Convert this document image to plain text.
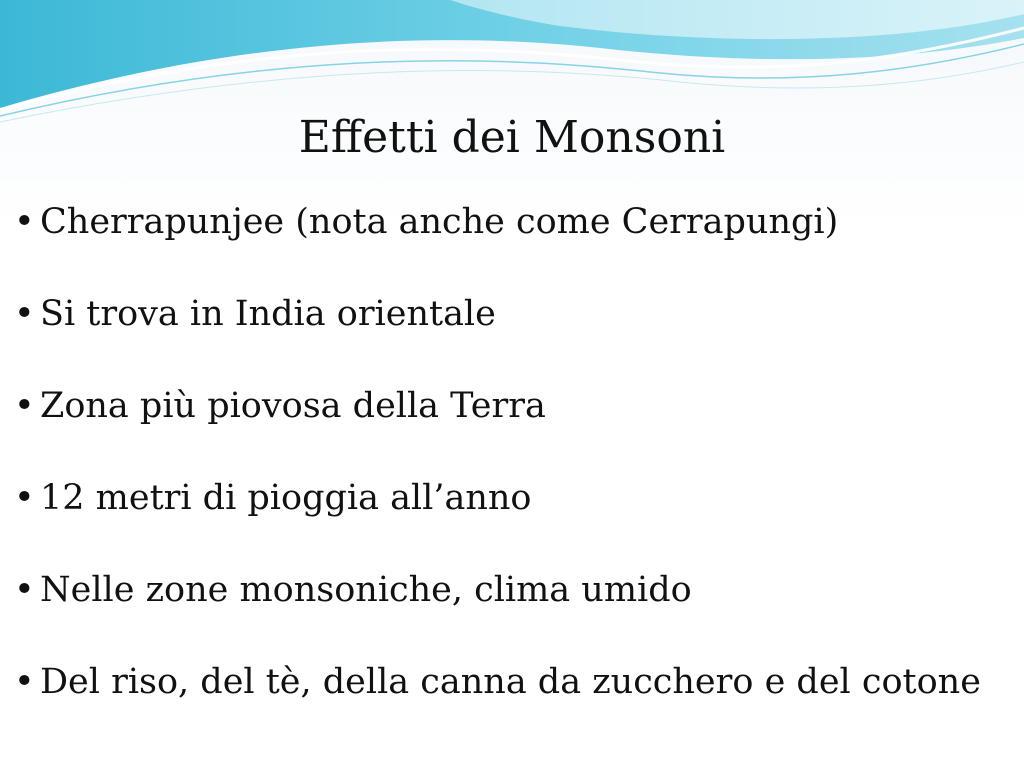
Effetti dei Monsoni
• Cherrapunjee (nota anche come Cerrapungi)
• Si trova in India orientale
• Zona più piovosa della Terra
• 12 metri di pioggia all’anno
• Nelle zone monsoniche, clima umido
• Del riso, del tè, della canna da zucchero e del cotone
